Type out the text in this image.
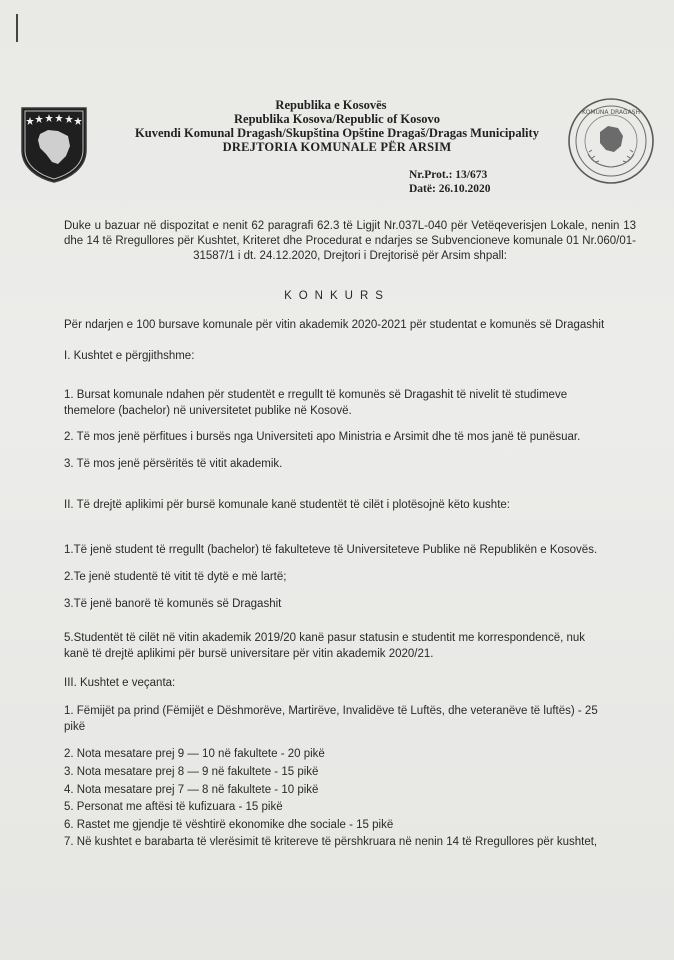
KOMUNA DRAGASH
Republika e Kosovës
Republika Kosova/Republic of Kosovo
Kuvendi Komunal Dragash/Skupština Opštine Dragaš/Dragas Municipality
DREJTORIA KOMUNALE PËR ARSIM
Nr.Prot.: 13/673
Datë: 26.10.2020
Duke u bazuar në dispozitat e nenit 62 paragrafi 62.3 të Ligjit Nr.037L-040 për Vetëqeverisjen Lokale, nenin 13 dhe 14 të Rregullores për Kushtet, Kriteret dhe Procedurat e ndarjes se Subvencioneve komunale 01 Nr.060/01-31587/1 i dt. 24.12.2020, Drejtori i Drejtorisë për Arsim shpall:
KONKURS
Për ndarjen e 100 bursave komunale për vitin akademik 2020-2021 për studentat e komunës së Dragashit
I. Kushtet e përgjithshme:
1. Bursat komunale ndahen për studentët e rregullt të komunës së Dragashit të nivelit të studimeve
themelore (bachelor) në universitetet publike në Kosovë.
2. Të mos jenë përfitues i bursës nga Universiteti apo Ministria e Arsimit dhe të mos janë të punësuar.
3. Të mos jenë përsëritës të vitit akademik.
II. Të drejtë aplikimi për bursë komunale kanë studentët të cilët i plotësojnë këto kushte:
1.Të jenë student të rregullt (bachelor) të fakulteteve të Universiteteve Publike në Republikën e Kosovës.
2.Te jenë studentë të vitit të dytë e më lartë;
3.Të jenë banorë të komunës së Dragashit
5.Studentët të cilët në vitin akademik 2019/20 kanë pasur statusin e studentit me korrespondencë, nuk
kanë të drejtë aplikimi për bursë universitare për vitin akademik 2020/21.
III. Kushtet e veçanta:
1. Fëmijët pa prind (Fëmijët e Dëshmorëve, Martirëve, Invalidëve të Luftës, dhe veteranëve të luftës) - 25
pikë
2. Nota mesatare prej 9 — 10 në fakultete - 20 pikë
3. Nota mesatare prej 8 — 9 në fakultete - 15 pikë
4. Nota mesatare prej 7 — 8 në fakultete - 10 pikë
5. Personat me aftësi të kufizuara - 15 pikë
6. Rastet me gjendje të vështirë ekonomike dhe sociale - 15 pikë
7. Në kushtet e barabarta të vlerësimit të kritereve të përshkruara në nenin 14 të Rregullores për kushtet,
